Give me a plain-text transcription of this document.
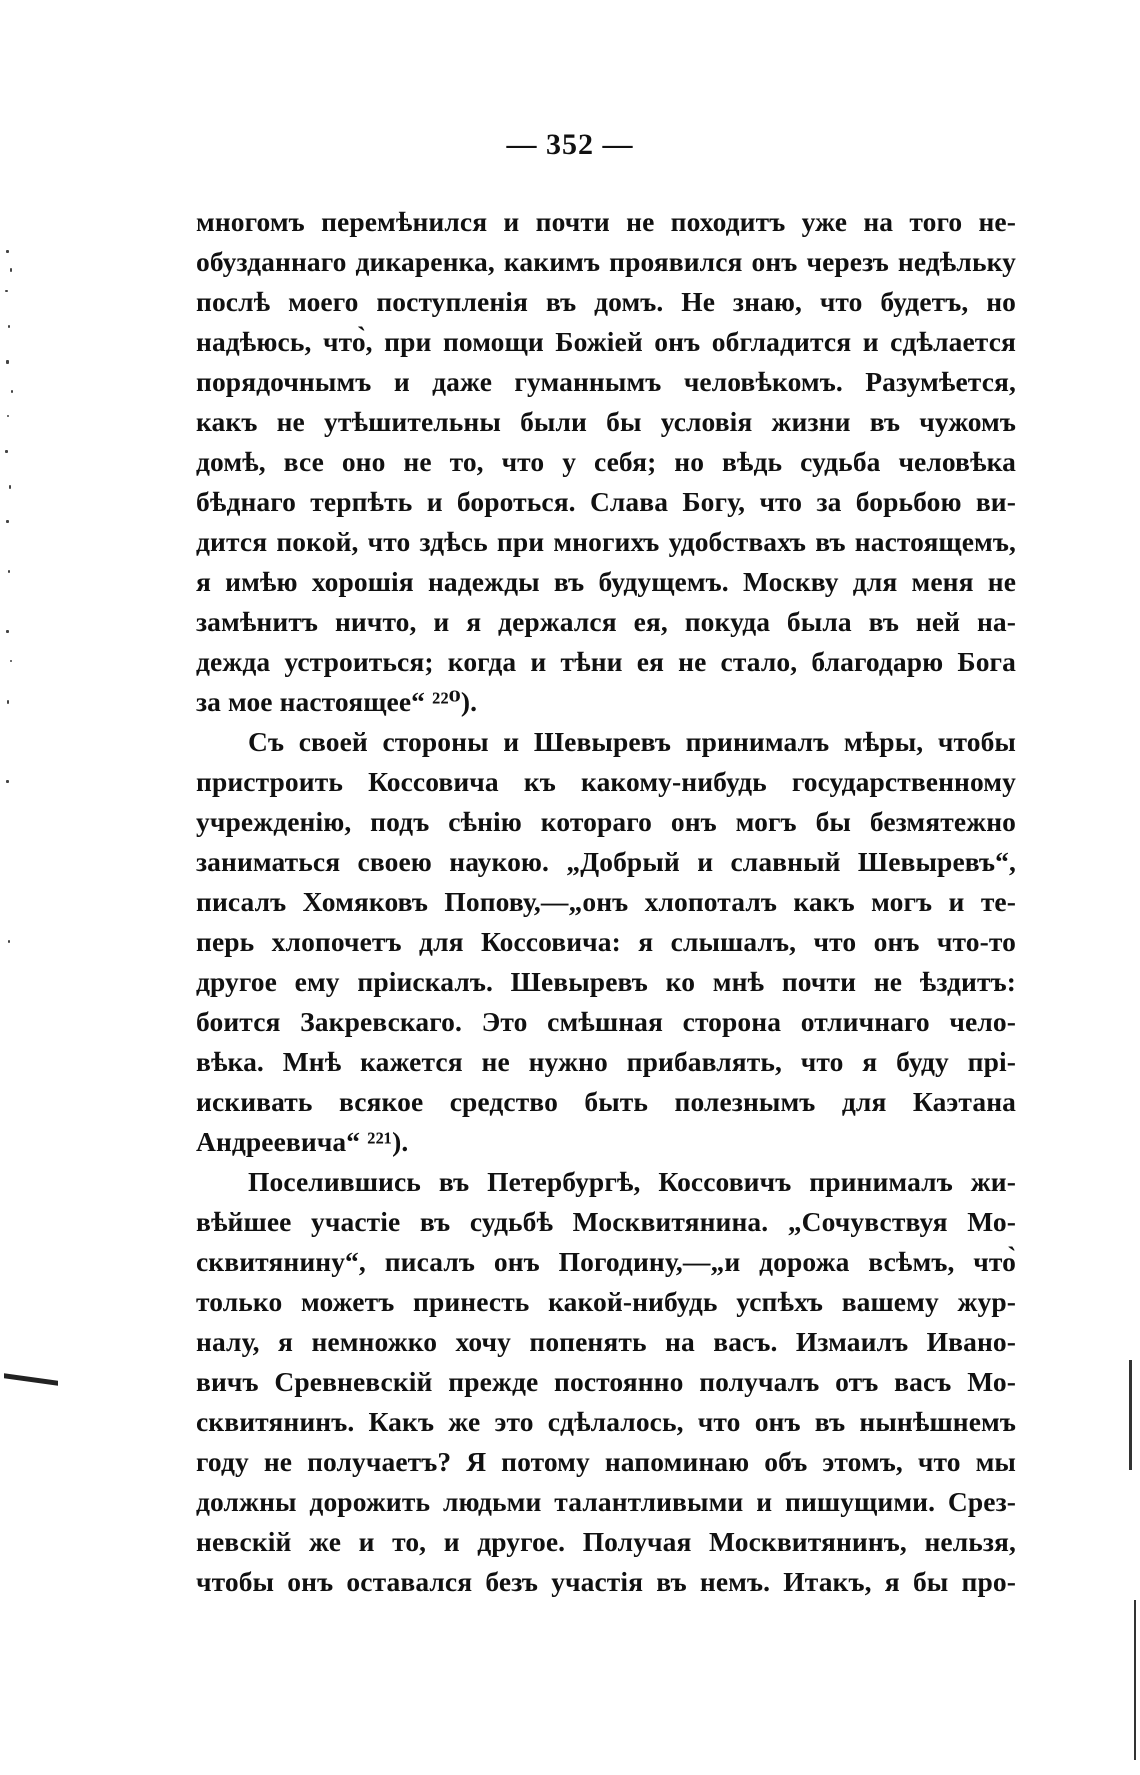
— 352 —
многомъ перемѣнился и почти не походитъ уже на того не-
обузданнаго дикаренка, какимъ проявился онъ черезъ недѣльку
послѣ моего поступленія въ домъ. Не знаю, что будетъ, но
надѣюсь, что̀, при помощи Божіей онъ обгладится и сдѣлается
порядочнымъ и даже гуманнымъ человѣкомъ. Разумѣется,
какъ не утѣшительны были бы условія жизни въ чужомъ
домѣ, все оно не то, что у себя; но вѣдь судьба человѣка
бѣднаго терпѣть и бороться. Слава Богу, что за борьбою ви-
дится покой, что здѣсь при многихъ удобствахъ въ настоящемъ,
я имѣю хорошія надежды въ будущемъ. Москву для меня не
замѣнитъ ничто, и я держался ея, покуда была въ ней на-
дежда устроиться; когда и тѣни ея не стало, благодарю Бога
за мое настоящее“ ²²⁰).
Съ своей стороны и Шевыревъ принималъ мѣры, чтобы
пристроить Коссовича къ какому-нибудь государственному
учрежденію, подъ сѣнію котораго онъ могъ бы безмятежно
заниматься своею наукою. „Добрый и славный Шевыревъ“,
писалъ Хомяковъ Попову,—„онъ хлопоталъ какъ могъ и те-
перь хлопочетъ для Коссовича: я слышалъ, что онъ что-то
другое ему пріискалъ. Шевыревъ ко мнѣ почти не ѣздитъ:
боится Закревскаго. Это смѣшная сторона отличнаго чело-
вѣка. Мнѣ кажется не нужно прибавлять, что я буду прі-
искивать всякое средство быть полезнымъ для Каэтана
Андреевича“ ²²¹).
Поселившись въ Петербургѣ, Коссовичъ принималъ жи-
вѣйшее участіе въ судьбѣ Москвитянина. „Сочувствуя Мо-
сквитянину“, писалъ онъ Погодину,—„и дорожа всѣмъ, что̀
только можетъ принесть какой-нибудь успѣхъ вашему жур-
налу, я немножко хочу попенять на васъ. Измаилъ Ивано-
вичъ Сревневскій прежде постоянно получалъ отъ васъ Мо-
сквитянинъ. Какъ же это сдѣлалось, что онъ въ нынѣшнемъ
году не получаетъ? Я потому напоминаю объ этомъ, что мы
должны дорожить людьми талантливыми и пишущими. Срез-
невскій же и то, и другое. Получая Москвитянинъ, нельзя,
чтобы онъ оставался безъ участія въ немъ. Итакъ, я бы про-
